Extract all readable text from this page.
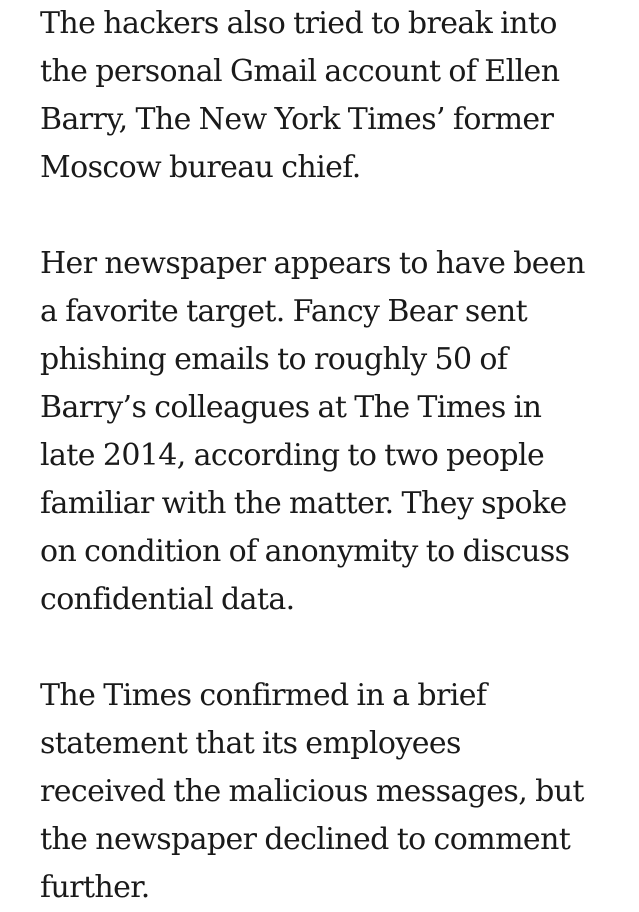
The hackers also tried to break into
the personal Gmail account of Ellen
Barry, The New York Times’ former
Moscow bureau chief.
Her newspaper appears to have been
a favorite target. Fancy Bear sent
phishing emails to roughly 50 of
Barry’s colleagues at The Times in
late 2014, according to two people
familiar with the matter. They spoke
on condition of anonymity to discuss
confidential data.
The Times confirmed in a brief
statement that its employees
received the malicious messages, but
the newspaper declined to comment
further.
